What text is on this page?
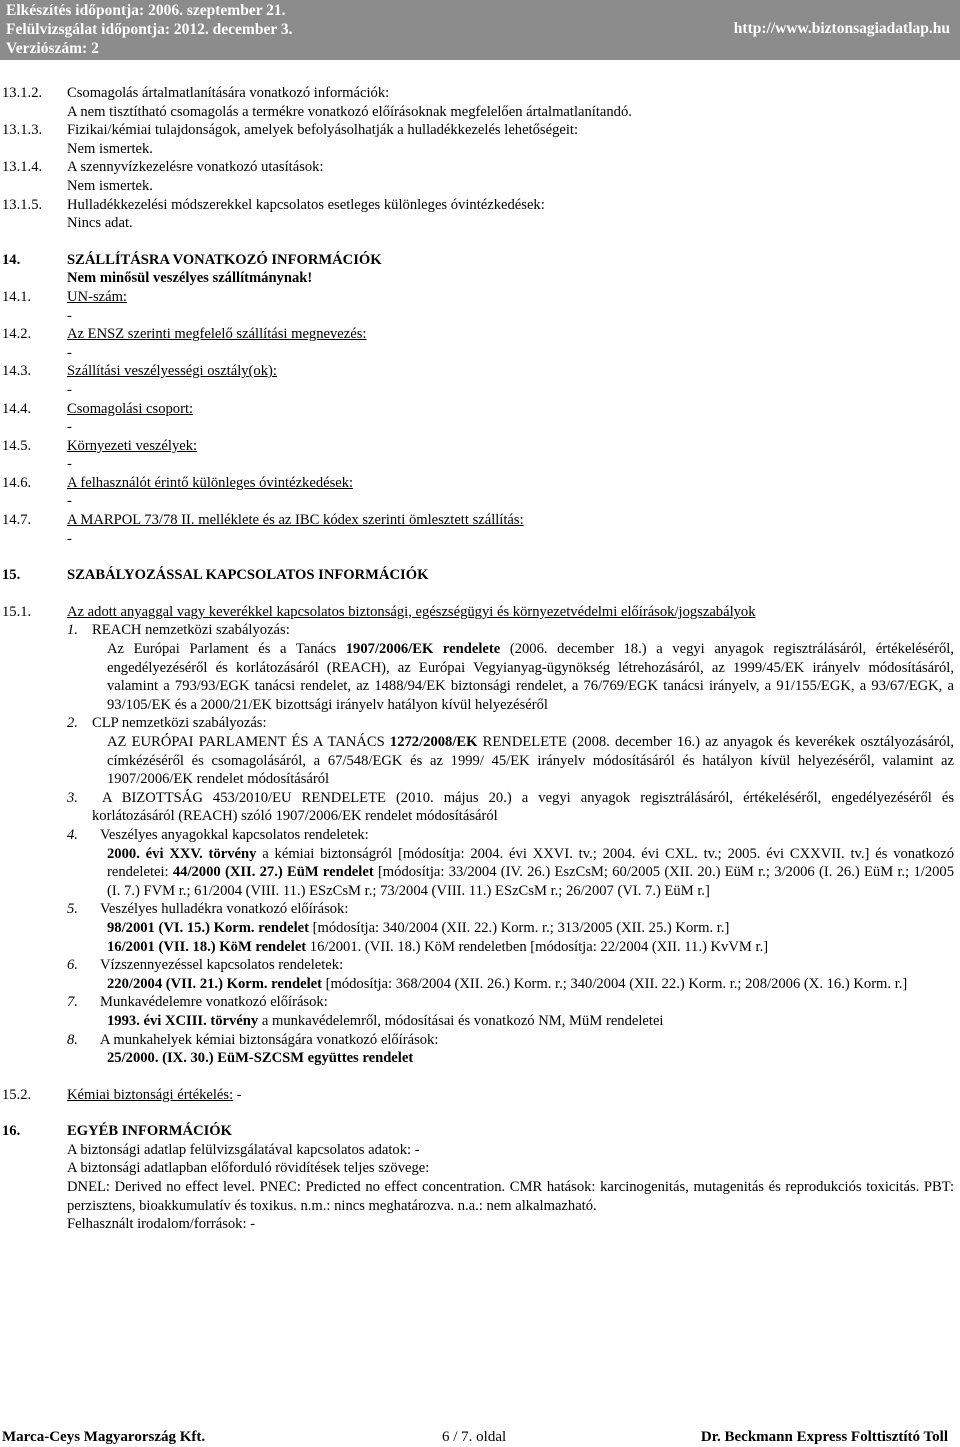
Elkészítés időpontja: 2006. szeptember 21.
Felülvizsgálat időpontja: 2012. december 3.
Verziószám: 2
http://www.biztonsagiadatlap.hu
13.1.2. Csomagolás ártalmatlanítására vonatkozó információk:
A nem tisztítható csomagolás a termékre vonatkozó előírásoknak megfelelően ártalmatlanítandó.
13.1.3. Fizikai/kémiai tulajdonságok, amelyek befolyásolhatják a hulladékkezelés lehetőségeit:
Nem ismertek.
13.1.4. A szennyvízkezelésre vonatkozó utasítások:
Nem ismertek.
13.1.5. Hulladékkezelési módszerekkel kapcsolatos esetleges különleges óvintézkedések:
Nincs adat.
14.	SZÁLLÍTÁSRA VONATKOZÓ INFORMÁCIÓK
Nem minősül veszélyes szállítmánynak!
14.1. UN-szám:
-
14.2. Az ENSZ szerinti megfelelő szállítási megnevezés:
-
14.3. Szállítási veszélyességi osztály(ok):
-
14.4. Csomagolási csoport:
-
14.5. Környezeti veszélyek:
-
14.6. A felhasználót érintő különleges óvintézkedések:
-
14.7. A MARPOL 73/78 II. melléklete és az IBC kódex szerinti ömlesztett szállítás:
-
15.	SZABÁLYOZÁSSAL KAPCSOLATOS INFORMÁCIÓK
15.1. Az adott anyaggal vagy keverékkel kapcsolatos biztonsági, egészségügyi és környezetvédelmi előírások/jogszabályok
1. REACH nemzetközi szabályozás:
Az Európai Parlament és a Tanács 1907/2006/EK rendelete (2006. december 18.) a vegyi anyagok regisztrálásáról, értékeléséről, engedélyezéséről és korlátozásáról (REACH), az Európai Vegyianyag-ügynökség létrehozásáról, az 1999/45/EK irányelv módosításáról, valamint a 793/93/EGK tanácsi rendelet, az 1488/94/EK biztonsági rendelet, a 76/769/EGK tanácsi irányelv, a 91/155/EGK, a 93/67/EGK, a 93/105/EK és a 2000/21/EK bizottsági irányelv hatályon kívül helyezéséről
2. CLP nemzetközi szabályozás:
AZ EURÓPAI PARLAMENT ÉS A TANÁCS 1272/2008/EK RENDELETE (2008. december 16.) az anyagok és keverékek osztályozásáról, címkézéséről és csomagolásáról, a 67/548/EGK és az 1999/ 45/EK irányelv módosításáról és hatályon kívül helyezéséről, valamint az 1907/2006/EK rendelet módosításáról
3.	A BIZOTTSÁG 453/2010/EU RENDELETE (2010. május 20.) a vegyi anyagok regisztrálásáról, értékeléséről, engedélyezéséről és korlátozásáról (REACH) szóló 1907/2006/EK rendelet módosításáról
4. Veszélyes anyagokkal kapcsolatos rendeletek:
2000. évi XXV. törvény a kémiai biztonságról [módosítja: 2004. évi XXVI. tv.; 2004. évi CXL. tv.; 2005. évi CXXVII. tv.] és vonatkozó rendeletei: 44/2000 (XII. 27.) EüM rendelet [módosítja: 33/2004 (IV. 26.) EszCsM; 60/2005 (XII. 20.) EüM r.; 3/2006 (I. 26.) EüM r.; 1/2005 (I. 7.) FVM r.; 61/2004 (VIII. 11.) ESzCsM r.; 73/2004 (VIII. 11.) ESzCsM r.; 26/2007 (VI. 7.) EüM r.]
5. Veszélyes hulladékra vonatkozó előírások:
98/2001 (VI. 15.) Korm. rendelet [módosítja: 340/2004 (XII. 22.) Korm. r.; 313/2005 (XII. 25.) Korm. r.]
16/2001 (VII. 18.) KöM rendelet 16/2001. (VII. 18.) KöM rendeletben [módosítja: 22/2004 (XII. 11.) KvVM r.]
6. Vízszennyezéssel kapcsolatos rendeletek:
220/2004 (VII. 21.) Korm. rendelet [módosítja: 368/2004 (XII. 26.) Korm. r.; 340/2004 (XII. 22.) Korm. r.; 208/2006 (X. 16.) Korm. r.]
7. Munkavédelemre vonatkozó előírások:
1993. évi XCIII. törvény a munkavédelemről, módosításai és vonatkozó NM, MüM rendeletei
8. A munkahelyek kémiai biztonságára vonatkozó előírások:
25/2000. (IX. 30.) EüM-SZCSM együttes rendelet
15.2. Kémiai biztonsági értékelés: -
16.	EGYÉB INFORMÁCIÓK
A biztonsági adatlap felülvizsgálatával kapcsolatos adatok: -
A biztonsági adatlapban előforduló rövidítések teljes szövege:
DNEL: Derived no effect level. PNEC: Predicted no effect concentration. CMR hatások: karcinogenitás, mutagenitás és reprodukciós toxicitás. PBT: perzisztens, bioakkumulatív és toxikus. n.m.: nincs meghatározva. n.a.: nem alkalmazható.
Felhasznált irodalom/források: -
Marca-Ceys Magyarország Kft.	6 / 7. oldal	Dr. Beckmann Express Folttisztító Toll
